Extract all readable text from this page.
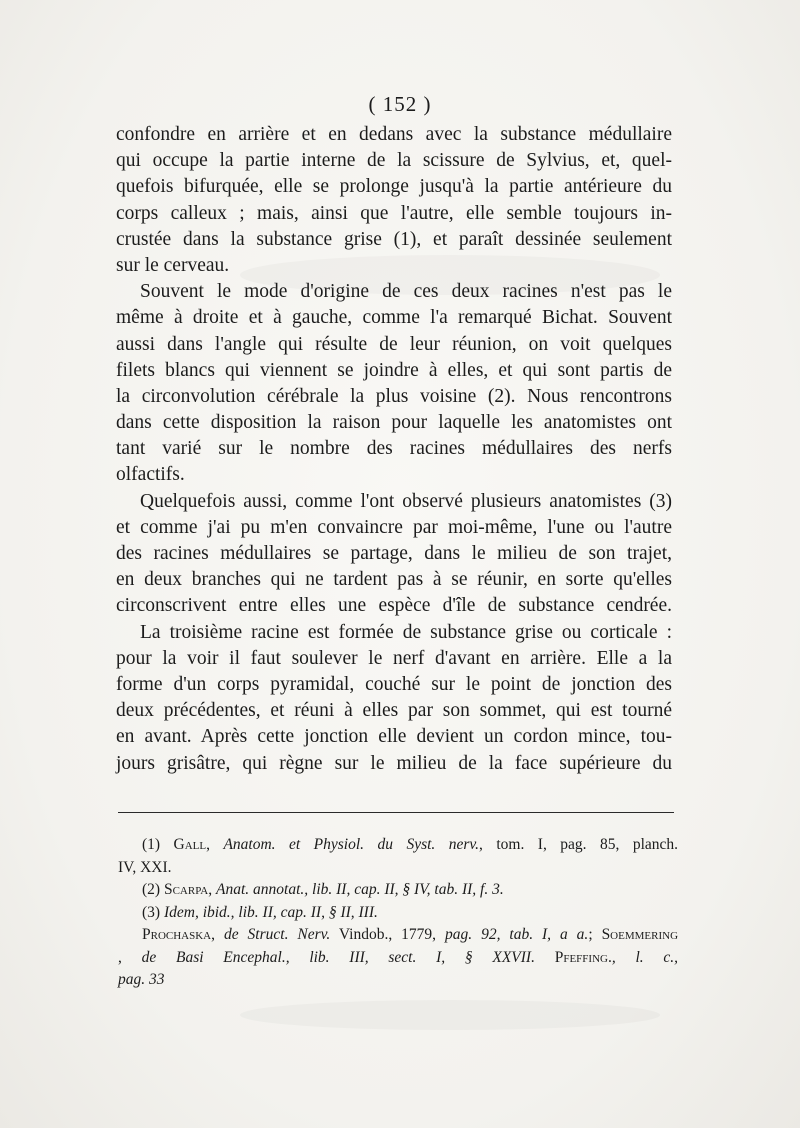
( 152 )
confondre en arrière et en dedans avec la substance médullaire
qui occupe la partie interne de la scissure de Sylvius, et, quel-
quefois bifurquée, elle se prolonge jusqu'à la partie antérieure du
corps calleux ; mais, ainsi que l'autre, elle semble toujours in-
crustée dans la substance grise (1), et paraît dessinée seulement
sur le cerveau.
Souvent le mode d'origine de ces deux racines n'est pas le
même à droite et à gauche, comme l'a remarqué Bichat. Souvent
aussi dans l'angle qui résulte de leur réunion, on voit quelques
filets blancs qui viennent se joindre à elles, et qui sont partis de
la circonvolution cérébrale la plus voisine (2). Nous rencontrons
dans cette disposition la raison pour laquelle les anatomistes ont
tant varié sur le nombre des racines médullaires des nerfs
olfactifs.
Quelquefois aussi, comme l'ont observé plusieurs anatomistes (3)
et comme j'ai pu m'en convaincre par moi-même, l'une ou l'autre
des racines médullaires se partage, dans le milieu de son trajet,
en deux branches qui ne tardent pas à se réunir, en sorte qu'elles
circonscrivent entre elles une espèce d'île de substance cendrée.
La troisième racine est formée de substance grise ou corticale :
pour la voir il faut soulever le nerf d'avant en arrière. Elle a la
forme d'un corps pyramidal, couché sur le point de jonction des
deux précédentes, et réuni à elles par son sommet, qui est tourné
en avant. Après cette jonction elle devient un cordon mince, tou-
jours grisâtre, qui règne sur le milieu de la face supérieure du
(1) Gall, Anatom. et Physiol. du Syst. nerv., tom. I, pag. 85, planch.
IV, XXI.
(2) Scarpa, Anat. annotat., lib. II, cap. II, § IV, tab. II, f. 3.
(3) Idem, ibid., lib. II, cap. II, § II, III.
Prochaska, de Struct. Nerv. Vindob., 1779, pag. 92, tab. I, a a.; Soemmering
, de Basi Encephal., lib. III, sect. I, § XXVII. Pfeffing., l. c.,
pag. 33
